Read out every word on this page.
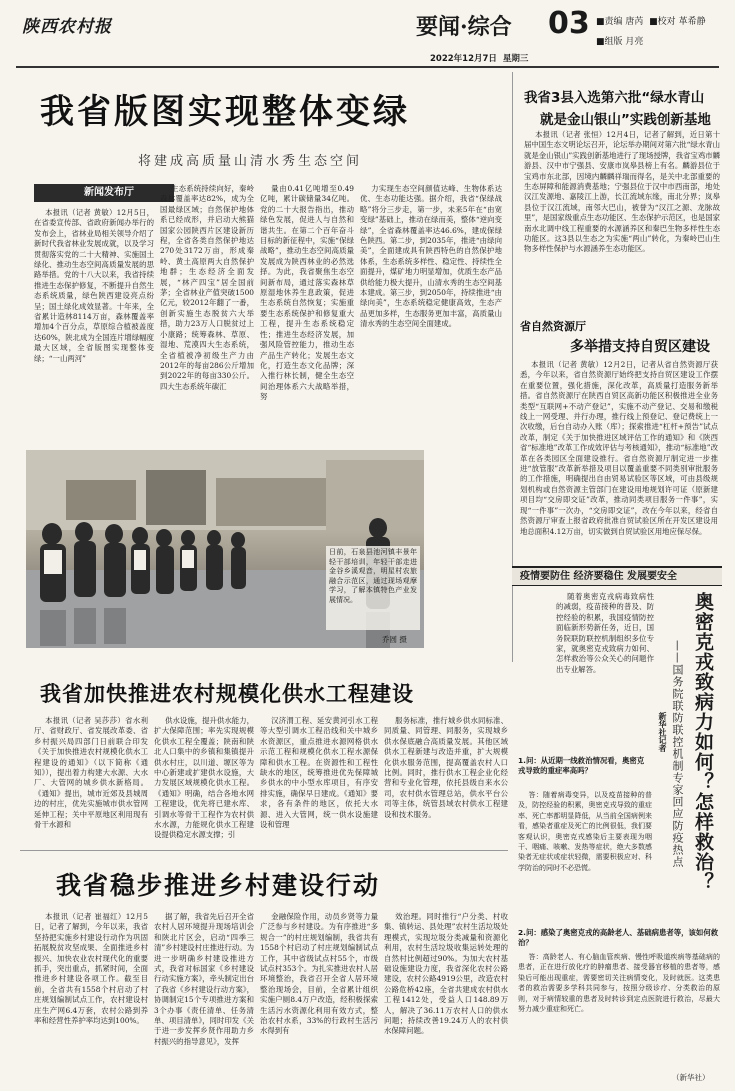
陕西农村报	要闻·综合 03 ■责编 唐芮 ■校对 革希静
■组版 月亮
2022年12月7日 星期三
我省版图实现整体变绿
将建成高质量山清水秀生态空间
新闻发布厅

本报讯（记者 黄敏）12月5日，在省委宣传部、省政府新闻办举行的发布会上，省林业局相关领导介绍了新时代我省林业发展成就，以及学习贯彻落实党的二十大精神、实施国土绿化、推动生态空间高质量发展的思路举措。党的十八大以来，我省持续推进生态保护修复，不断提升自然生态系统质量，绿色陕西建设亮点纷呈；国土绿化成效显著。十年来，全省累计造林8114万亩，森林覆盖率增加4个百分点，草原综合植被盖度达60%，陕北成为全国连片增绿幅度最大区域，全省版图实现整体变绿；“一山两河”

生态系统持续向好，秦岭森林覆盖率达82%，成为全国最绿区域；自然保护地体系已经成形，并启动大熊猫国家公园陕西片区建设新历程，全省各类自然保护地达270处3172万亩，形成秦岭、黄土高原两大自然保护地群；生态经济全面发展，“林产四宝”居全国前茅；全省林业产值突破1500亿元，较2012年翻了一番，创新实施生态脱贫六大举措，助力23万人口脱贫过上小康路；统筹森林、草原、湿地、荒漠四大生态系统，全省植被净初级生产力由2012年的每亩286公斤增加到2022年的每亩330公斤。四大生态系统年碳汇

量由0.41亿吨增至0.49亿吨，累计碳储量34亿吨。党的二十大报告指出，推动绿色发展，促进人与自然和谐共生。在第二个百年奋斗目标的新征程中，实施“保绿战略”，推动生态空间高质量发展成为陕西林业的必然选择。为此，我省聚焦生态空间新布局，通过落实森林草原湿地休养生息政策，促进生态系统自然恢复；实施重要生态系统保护和修复重大工程，提升生态系统稳定性；推进生态经济发展，加强风险管控能力，推动生态产品生产转化；发展生态文化，打造生态文化品牌；深入推行林长制，健全生态空间治理体系六大战略举措，努

力实现生态空间颜值达峰、生物体系达优、生态功能达强。据介绍，我省“保绿战略”将分三步走，第一步，未来5年在“由宽变绿”基础上，推动在绿而美，整体“逆向变绿”，全省森林覆盖率达46.6%，建成保绿色陕西。第二步，到2035年，推进“由绿向美”，全面建成具有陕西特色的自然保护地体系，生态系统多样性、稳定性、持续性全面提升，煤矿地力明显增加，优质生态产品供给能力极大提升，山清水秀的生态空间基本建成。第三步，到2050年，持续推进“由绿向美”，生态系统稳定健康高效，生态产品更加多样，生态服务更加丰富，高质量山清水秀的生态空间全面建成。

日前，石泉县池河镇丰景年轻干部培训，年轻干部走进金谷乡溪观音，明星村农旅融合示范区，通过现场观摩学习，了解本镇特色产业发展情况。
乔圆 摄
我省3县入选第六批“绿水青山
就是金山银山”实践创新基地

本报讯（记者 张恒）12月4日，记者了解到，近日第十届中国生态文明论坛召开，论坛举办期间对第六批“绿水青山就是金山银山”实践创新基地进行了现场授牌，我省宝鸡市麟游县、汉中市宁强县、安康市岚皋县榜上有名。麟游县位于宝鸡市东北部，因境内麟麟祥瑞而得名，是关中北部重要的生态屏障和能源消费基地；宁强县位于汉中市西南部，地处汉江发源地、嘉陵江上游，长江流域东缘，南北分界；岚皋县位于汉江流域，南邻大巴山，被誉为“汉江之源、龙脉故里”，是国家级重点生态功能区、生态保护示范区，也是国家南水北调中线工程重要的水源涵养区和秦巴生物多样性生态功能区。这3县以生态之为实施“两山”转化，为秦岭巴山生物多样性保护与水源涵养生态功能区。

省自然资源厅
多举措支持自贸区建设

本报讯（记者 黄敏）12月2日，记者从省自然资源厅获悉，今年以来，省自然资源厅始终把支持自贸区建设工作摆在重要位置，强化措施，深化改革，高质量打造服务新举措。省自然资源厅在陕西自贸区高新功能区积极推进全业务类型“互联网+不动产登记”，实施不动产登记、交易和缴税线上一网受理、并行办理，推行线上预登记、登记费统上一次收缴，后台自动办入账（库）；探索推进“杠杆+预告”试点改革，制定《关于加快推进区域评估工作的通知》和《陕西省“标准地”改革工作成效评估与考核通知》，推动“标准地”改革在各类园区全面建设推行。省自然资源厅制定进一步推进“放管服”改革新举措及项目以覆盖重要不同类别审批服务的工作措施，明确提出自由贸易试验区等区域，可由县级规划机构或自然资源主管部门在建设用地规划许可证（原新建项目均“交房即交证”改革，推动同类项目服务一件事”，实现“一件事”一次办，“交房即交证”，改在今年以来，经省自然资源厅审查上报省政府批准自贸试验区所在开发区建设用地总面积4.12万亩，切实做到自贸试验区用地应保尽保。

疫情要防住 经济要稳住 发展要安全

随着奥密克戎病毒致病性的减弱，疫苗接种的普及、防控经验的积累，我国疫情防控面临新形势新任务，近日，国务院联防联控机制组织多位专家，就奥密克戎致病力如何、怎样救治等公众关心的问题作出专业解答。	奥密克戎致病力如何？怎样救治？
——国务院联防联控机制专家回应防疫热点
新华社记者
1.问：从近期一线救治情况看，奥密克戎导致的重症率高吗？

答：随着病毒变异，以及疫苗接种的普及，防控经验的积累，奥密克戎导致的重症率、死亡率都明显降低，从当前全国病例来看，感染者重症及死亡的比例很低，我们要客观认识，奥密克戎感染后主要表现为咽干、咽痛、咳嗽、发热等症状，绝大多数感染者无症状或症状轻微，需要积极应对、科学防治的同时不必恐慌。

2.问：感染了奥密克戎的高龄老人、基础病患者等，该如何救治？

答：高龄老人、有心脑血管疾病、慢性呼吸道疾病等基础病的患者，正在进行放化疗的肿瘤患者、接受器官移植的患者等，感染后可能出现重症，需要密切关注病情变化，及时就医。这类患者的救治需要多学科共同参与，按照分级诊疗、分类救治的原则，对于病情较重的患者及时转诊到定点医院进行救治，尽最大努力减少重症和死亡。

（新华社）
我省加快推进农村规模化供水工程建设

本报讯（记者 吴莎莎）省水利厅、省财政厅、省发展改革委、省乡村振兴局四部门日前联合印发《关于加快推进农村规模化供水工程建设的通知》（以下简称《通知》），提出着力构建大水源、大水厂、大管网的城乡供水新格局。《通知》提出，城市近郊及县城周边的村庄，优先实施城市供水管网延伸工程；关中平原地区利用现有骨干水源和

供水设施，提升供水能力，扩大保障范围；率先实现规模化供水工程全覆盖；陕南和陕北人口集中的乡镇和集镇提升供水村庄，以川道、塬区等为中心新建或扩建供水设施，大力发展区域规模化供水工程。《通知》明确，结合各地水网工程建设，优先将已建水库、引调水等骨干工程作为农村供水水源，力能规化供水工程建设提供稳定水源支撑；引

汉济渭工程、延安黄河引水工程等大型引调水工程沿线和关中城乡水资源区，重点推进水源网格供水示范工程和规模化供水工程水源保障和供水工程。在资源性和工程性缺水的地区，统筹推进优先保障城乡供水的中小型水库项目，有序安排实施，确保早日建成。《通知》要求，各有条件的地区，依托大水源、进入大管网，统一供水设施建设和管理

服务标准，推行城乡供水同标准、同质量、同管理、同服务，实现城乡供水保底融合高质量发展。其他区域供水工程新建与改造并重，扩大规模化供水服务范围，提高覆盖农村人口比例。同时，推行供水工程企业化经营和专业化管理，依托县级自来水公司，农村供水管理总站，供水平台公司等主体，统管县域农村供水工程建设和技术服务。

我省稳步推进乡村建设行动

本报讯（记者 崔福红）12月5日，记者了解到，今年以来，我省坚持把实施乡村建设行动作为巩固拓展脱贫攻坚成果、全面推进乡村振兴、加快农业农村现代化的重要抓手，突出重点，抓紧时间，全面推进乡村建设各项工作。截至目前，全省共有1558个村启动了村庄规划编制试点工作，农村建设村庄生产网6.4万套，农村公路到养率和经营性养护率均达到100%。

据了解，我省先后召开全省农村人居环境提升现场培训会和陕北片区会，启动“四季三清”乡村建设村庄推进行动。为进一步明确乡村建设推进方式，我省对标国家《乡村建设行动实施方案》，牵头制定出台了我省《乡村建设行动方案》，协调制定15个专项推进方案和3个办事《责任清单、任务清单、项目清单》，同时印发《关于进一步发挥乡贤作用助力乡村振兴的指导意见》，发挥

金融保险作用，动员乡贤等力量广泛参与乡村建设。为有序推进“多规合一”的村庄规划编制，我省共有1558个村启动了村庄规划编制试点工作，其中省级试点村55个，市级试点村353个。为扎实推进农村人居环境整治，我省召开全省人居环境整治现场会，目前，全省累计组织实施户厕8.4万户改造，经积极探索生活污水资源化利用有效方式，整治农村水系，33%的行政村生活污水得到有

效治理。同时推行“户分类、村收集、镇转运、县处理”农村生活垃圾处理模式，实现垃圾分类减量和资源化利用，农村生活垃圾收集运转处理的自然村比例超过90%。为加大农村基础设施建设力度，我省深化农村公路建设，农村公路4919公里，改造农村公路危桥42座，全省共建成农村供水工程1412处，受益人口148.89万人，解决了36.11万农村人口的供水问题；持续改善19.24万人的农村供水保障问题。
